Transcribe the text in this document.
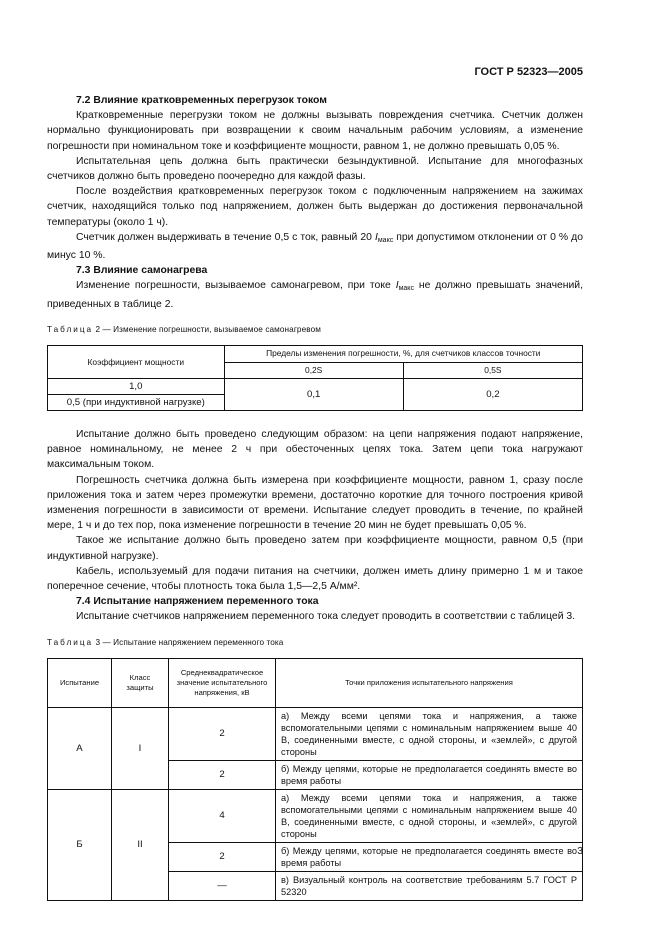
ГОСТ Р 52323—2005

7.2 Влияние кратковременных перегрузок током

Кратковременные перегрузки током не должны вызывать повреждения счетчика. Счетчик должен нормально функционировать при возвращении к своим начальным рабочим условиям, а изменение погрешности при номинальном токе и коэффициенте мощности, равном 1, не должно превышать 0,05 %.

Испытательная цепь должна быть практически безындуктивной. Испытание для многофазных счетчиков должно быть проведено поочередно для каждой фазы.

После воздействия кратковременных перегрузок током с подключенным напряжением на зажимах счетчик, находящийся только под напряжением, должен быть выдержан до достижения первоначальной температуры (около 1 ч).

Счетчик должен выдерживать в течение 0,5 с ток, равный 20 $I_{макс}$ при допустимом отклонении от 0 % до минус 10 %.

7.3 Влияние самонагрева

Изменение погрешности, вызываемое самонагревом, при токе $I_{макс}$ не должно превышать значений, приведенных в таблице 2.

Таблица 2 — Изменение погрешности, вызываемое самонагревом
Коэффициент мощности	Пределы изменения погрешности, %, для счетчиков классов точности	
	0,2S	0,5S
1,0	0,1	0,2
0,5 (при индуктивной нагрузке)		

Испытание должно быть проведено следующим образом: на цепи напряжения подают напряжение, равное номинальному, не менее 2 ч при обесточенных цепях тока. Затем цепи тока нагружают максимальным током.

Погрешность счетчика должна быть измерена при коэффициенте мощности, равном 1, сразу после приложения тока и затем через промежутки времени, достаточно короткие для точного построения кривой изменения погрешности в зависимости от времени. Испытание следует проводить в течение, по крайней мере, 1 ч и до тех пор, пока изменение погрешности в течение 20 мин не будет превышать 0,05 %.

Такое же испытание должно быть проведено затем при коэффициенте мощности, равном 0,5 (при индуктивной нагрузке).

Кабель, используемый для подачи питания на счетчики, должен иметь длину примерно 1 м и такое поперечное сечение, чтобы плотность тока была 1,5—2,5 А/мм².

7.4 Испытание напряжением переменного тока

Испытание счетчиков напряжением переменного тока следует проводить в соответствии с таблицей 3.

Таблица 3 — Испытание напряжением переменного тока
Испытание	Класс защиты	Среднеквадратическое значение испытательного напряжения, кВ	Точки приложения испытательного напряжения
А	I	2	а) Между всеми цепями тока и напряжения, а также вспомогательными цепями с номинальным напряжением выше 40 В, соединенными вместе, с одной стороны, и «землей», с другой стороны
		2	б) Между цепями, которые не предполагается соединять вместе во время работы
Б	II	4	а) Между всеми цепями тока и напряжения, а также вспомогательными цепями с номинальным напряжением выше 40 В, соединенными вместе, с одной стороны, и «землей», с другой стороны
		2	б) Между цепями, которые не предполагается соединять вместе во время работы
		—	в) Визуальный контроль на соответствие требованиям 5.7 ГОСТ Р 52320
3
